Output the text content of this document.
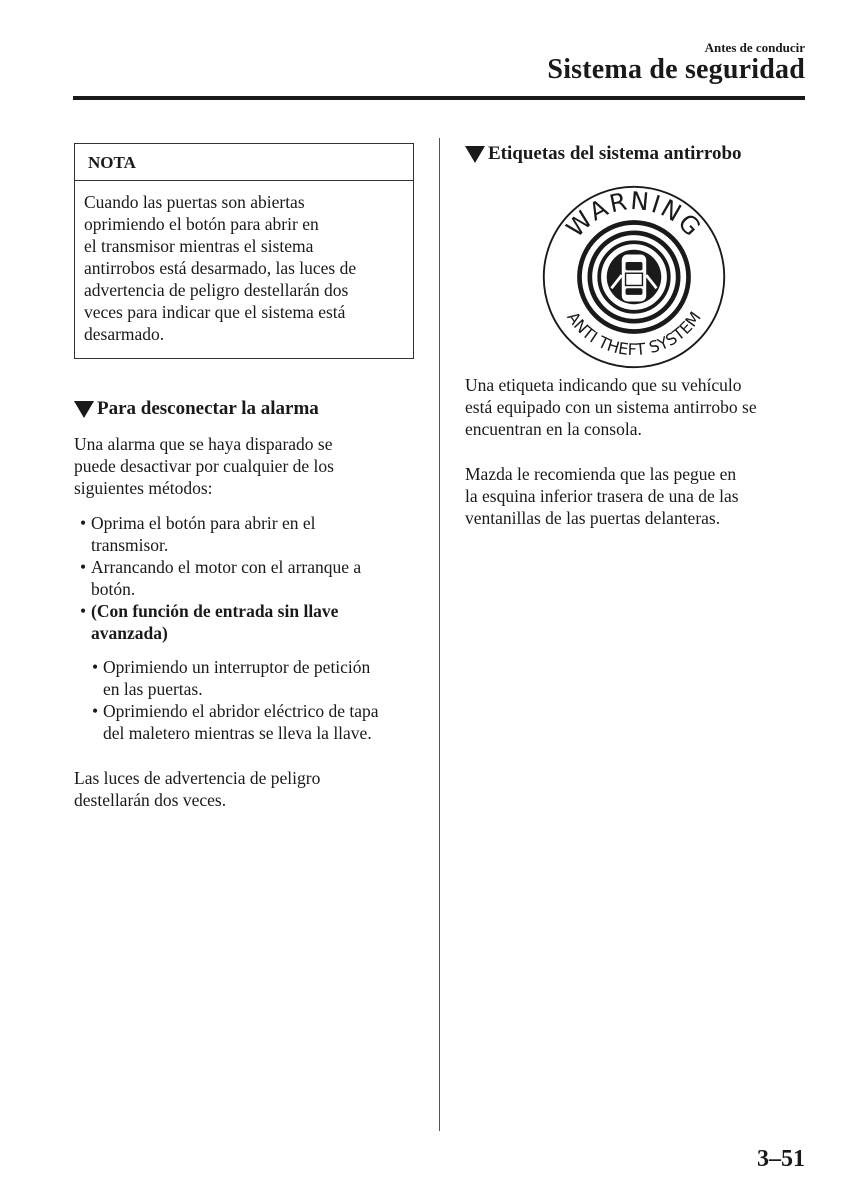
Antes de conducir
Sistema de seguridad
NOTA
Cuando las puertas son abiertas
oprimiendo el botón para abrir en
el transmisor mientras el sistema
antirrobos está desarmado, las luces de
advertencia de peligro destellarán dos
veces para indicar que el sistema está
desarmado.
Para desconectar la alarma
Una alarma que se haya disparado se
puede desactivar por cualquier de los
siguientes métodos:
• Oprima el botón para abrir en el
transmisor.
• Arrancando el motor con el arranque a
botón.
• (Con función de entrada sin llave
avanzada)
• Oprimiendo un interruptor de petición
en las puertas.
• Oprimiendo el abridor eléctrico de tapa
del maletero mientras se lleva la llave.
Las luces de advertencia de peligro
destellarán dos veces.
Etiquetas del sistema antirrobo
WARNING
ANTI THEFT SYSTEM
Una etiqueta indicando que su vehículo
está equipado con un sistema antirrobo se
encuentran en la consola.
Mazda le recomienda que las pegue en
la esquina inferior trasera de una de las
ventanillas de las puertas delanteras.
3–51
